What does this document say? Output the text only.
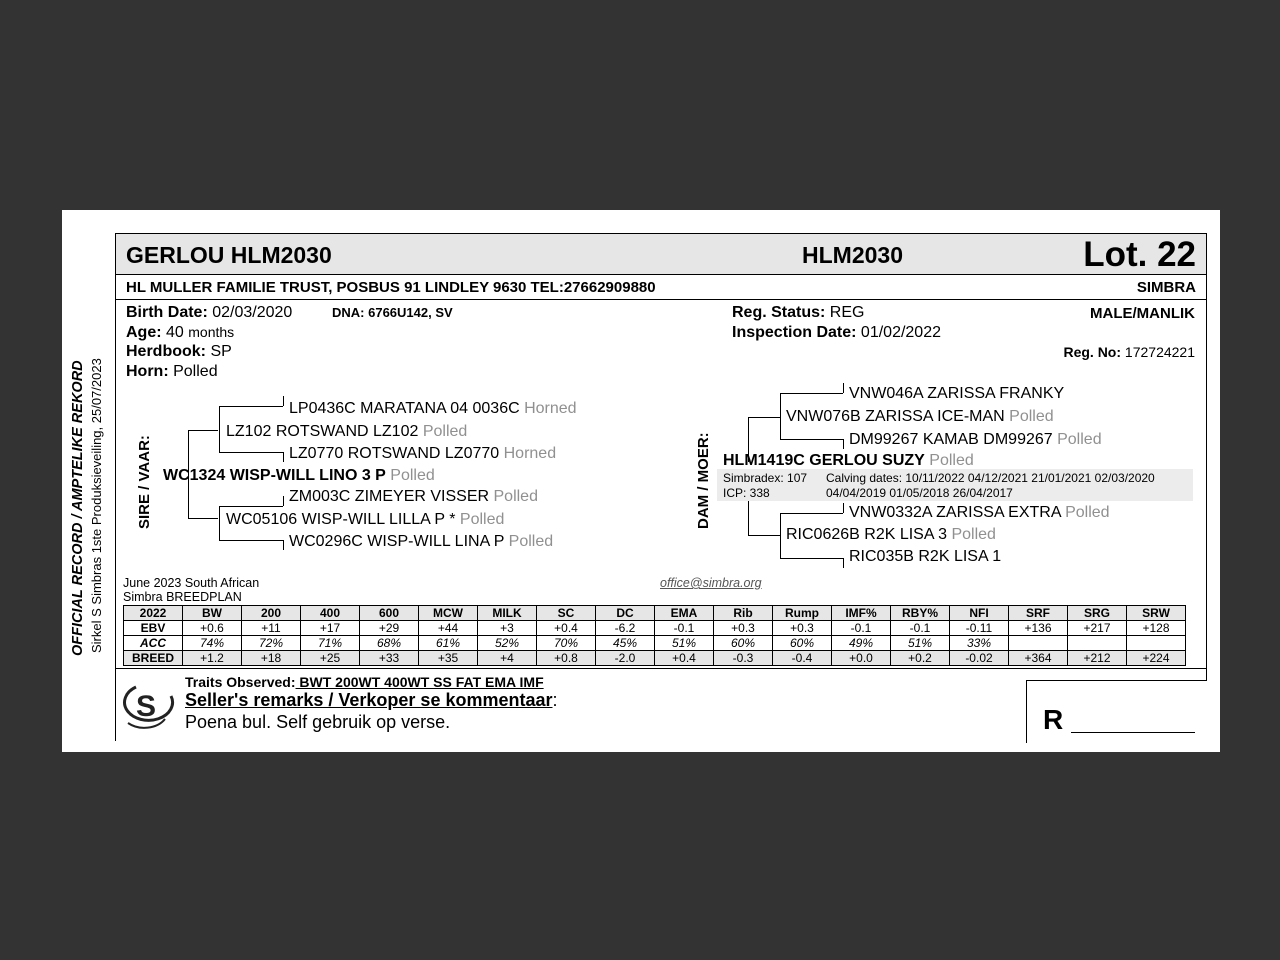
OFFICIAL RECORD / AMPTELIKE REKORD Sirkel S Simbras 1ste Produksieveiling, 25/07/2023
GERLOU HLM2030	HLM2030	Lot. 22
HL MULLER FAMILIE TRUST, POSBUS 91 LINDLEY 9630 TEL:27662909880	SIMBRA
Birth Date: 02/03/2020	DNA: 6766U142, SV
Age: 40 months
Herdbook: SP
Horn: Polled
Reg. Status: REG
Inspection Date: 01/02/2022
MALE/MANLIK
Reg. No: 172724221
SIRE / VAAR:
LP0436C MARATANA 04 0036C Horned
LZ102 ROTSWAND LZ102 Polled
LZ0770 ROTSWAND LZ0770 Horned
WC1324 WISP-WILL LINO 3 P Polled
ZM003C ZIMEYER VISSER Polled
WC05106 WISP-WILL LILLA P * Polled
WC0296C WISP-WILL LINA P Polled
DAM / MOER:
VNW046A ZARISSA FRANKY
VNW076B ZARISSA ICE-MAN Polled
DM99267 KAMAB DM99267 Polled
HLM1419C GERLOU SUZY Polled
Simbradex: 107
ICP: 338
Calving dates: 10/11/2022 04/12/2021 21/01/2021 02/03/2020
04/04/2019 01/05/2018 26/04/2017
VNW0332A ZARISSA EXTRA Polled
RIC0626B R2K LISA 3 Polled
RIC035B R2K LISA 1
June 2023 South African
Simbra BREEDPLAN
office@simbra.org
2022	BW	200	400	600	MCW	MILK	SC	DC	EMA	Rib	Rump	IMF%	RBY%	NFI	SRF	SRG	SRW
EBV	+0.6	+11	+17	+29	+44	+3	+0.4	-6.2	-0.1	+0.3	+0.3	-0.1	-0.1	-0.11	+136	+217	+128
ACC	74%	72%	71%	68%	61%	52%	70%	45%	51%	60%	60%	49%	51%	33%			
BREED	+1.2	+18	+25	+33	+35	+4	+0.8	-2.0	+0.4	-0.3	-0.4	+0.0	+0.2	-0.02	+364	+212	+224
S
Traits Observed: BWT 200WT 400WT SS FAT EMA IMF
Seller's remarks / Verkoper se kommentaar:
Poena bul. Self gebruik op verse.	R
